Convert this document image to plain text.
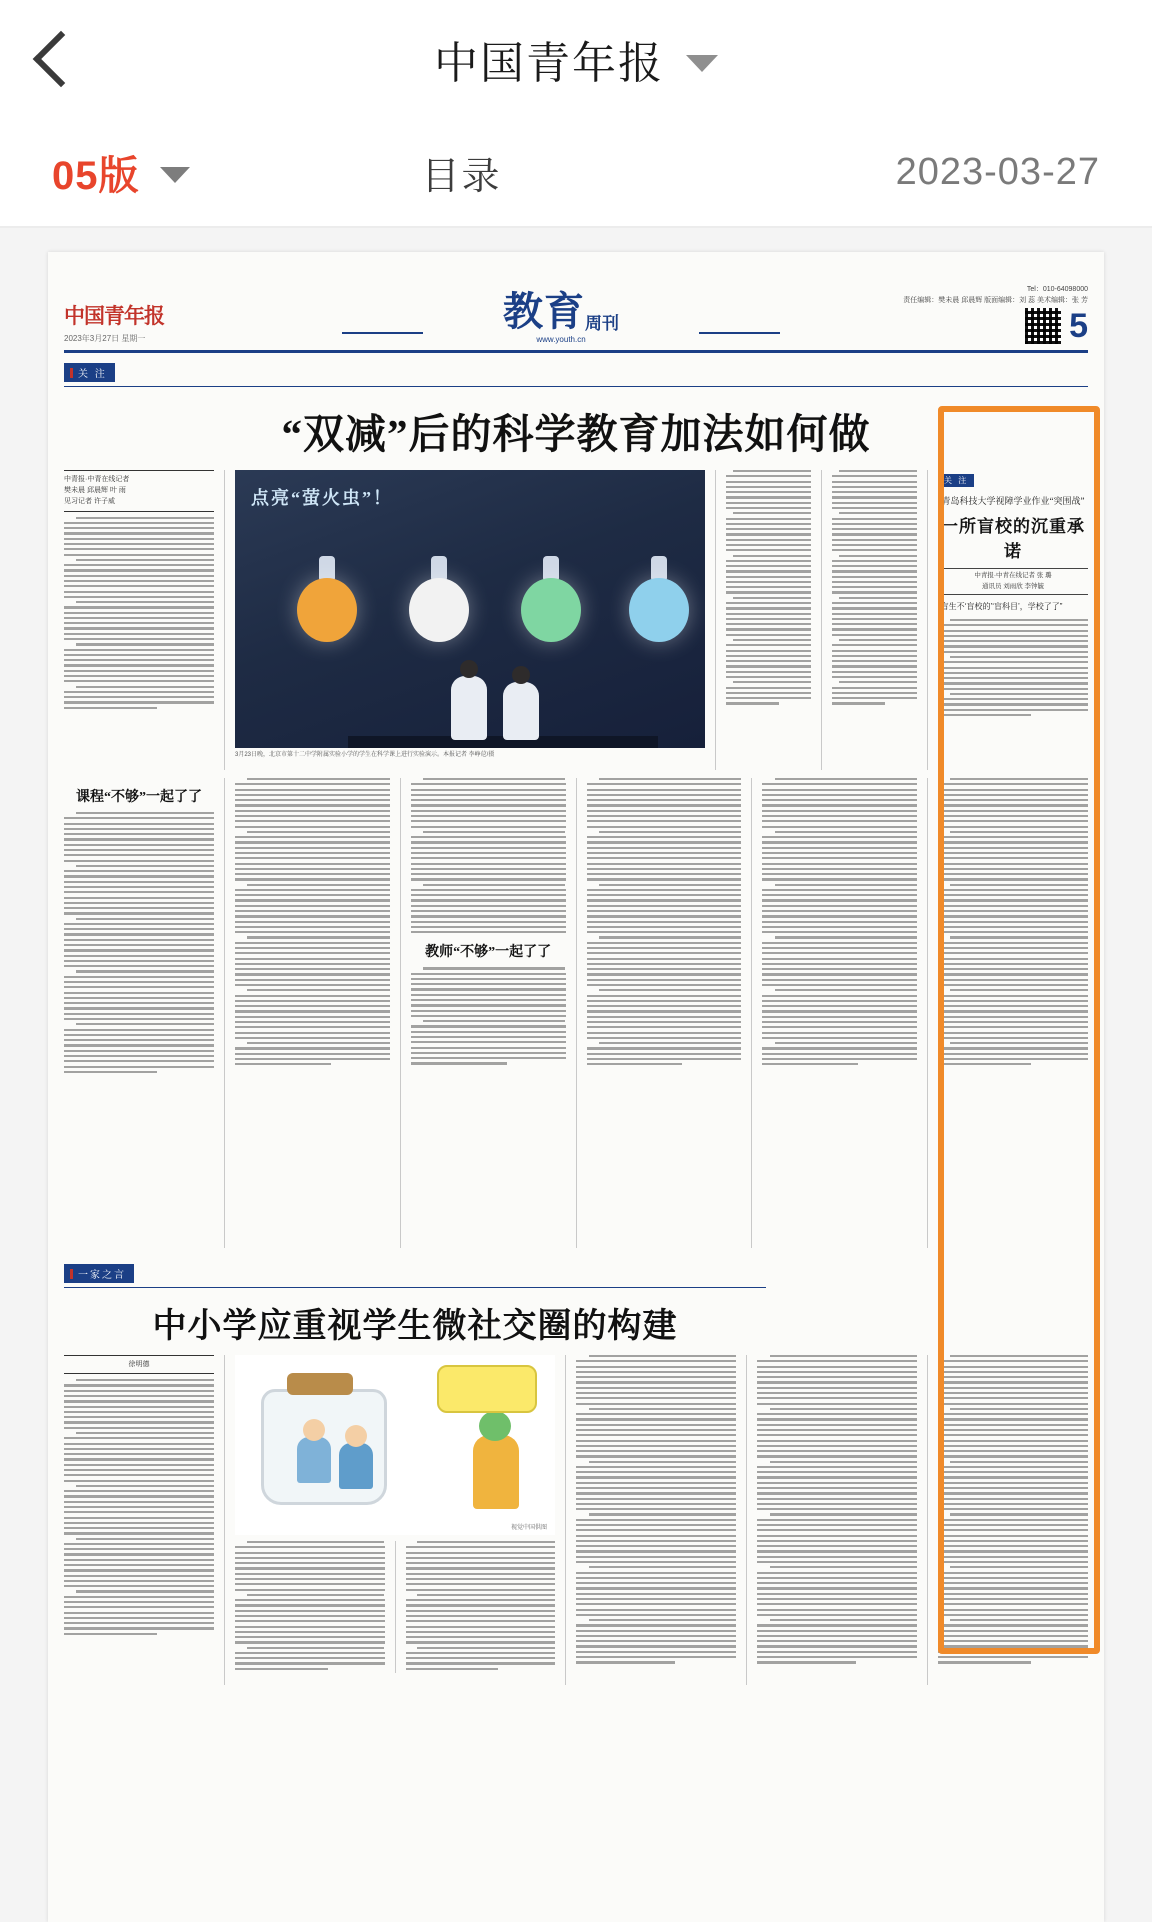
中国青年报
05版	目录	2023-03-27
中国青年报
2023年3月27日 星期一
教育周刊
www.youth.cn
Tel：010-64098000
责任编辑：樊未晨 邱晨辉 版面编辑：刘 蕊 美术编辑：张 芳
5
关 注
“双减”后的科学教育加法如何做
中青报·中青在线记者
樊未晨 邱晨辉 叶 雨
见习记者 许子威	点亮“萤火虫”！
3月23日晚，北京市第十二中学附属实验小学的学生在科学课上进行实验演示。本报记者 李峥苨/摄
关 注
青岛科技大学视障学业作业“突围战”
一所盲校的沉重承诺
中青报·中青在线记者 张 璐
通讯员 刘雨欣 李钟毓
“盲生不‘盲校的’‘盲科目’，学校了了”
课程“不够”一起了了
教师“不够”一起了了
一家之言
中小学应重视学生微社交圈的构建
徐明德
视觉中国供图
